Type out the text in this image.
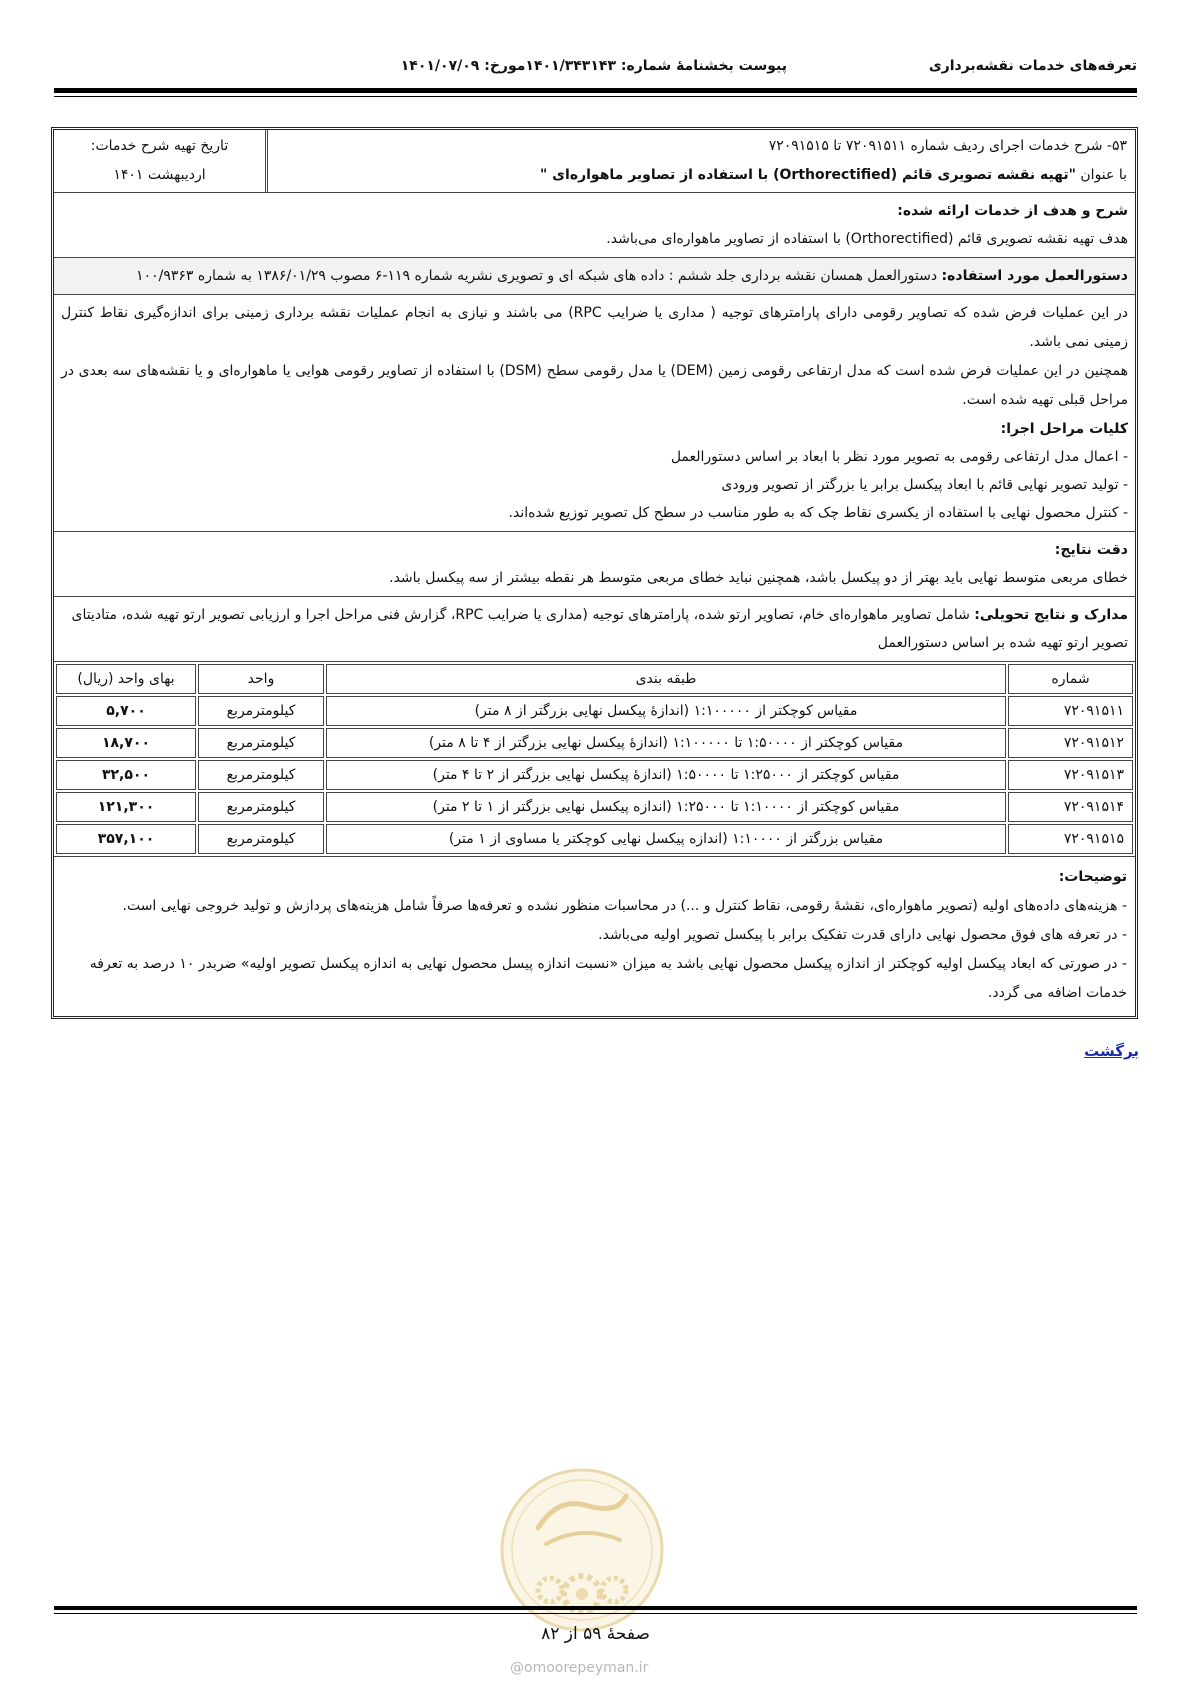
تعرفه‌های خدمات نقشه‌برداری
پیوست بخشنامهٔ شماره: ۱۴۰۱/۳۴۳۱۴۳مورخ: ۱۴۰۱/۰۷/۰۹
۵۳- شرح خدمات اجرای ردیف شماره ۷۲۰۹۱۵۱۱ تا ۷۲۰۹۱۵۱۵
با عنوان "تهیه نقشه تصویری قائم (Orthorectified) با استفاده از تصاویر ماهواره‌ای "
تاریخ تهیه شرح خدمات:
اردیبهشت ۱۴۰۱
شرح و هدف از خدمات ارائه شده:
هدف تهیه نقشه تصویری قائم (Orthorectified) با استفاده از تصاویر ماهواره‌ای می‌باشد.
دستورالعمل مورد استفاده: دستورالعمل همسان نقشه برداری جلد ششم : داده های شبکه ای و تصویری نشریه شماره ۱۱۹-۶ مصوب ۱۳۸۶/۰۱/۲۹ به شماره ۱۰۰/۹۳۶۳
در این عملیات فرض شده که تصاویر رقومی دارای پارامترهای توجیه ( مداری یا ضرایب RPC) می باشند و نیازی به انجام عملیات نقشه برداری زمینی برای اندازه‌گیری نقاط کنترل زمینی نمی باشد.
همچنین در این عملیات فرض شده است که مدل ارتفاعی رقومی زمین (DEM) یا مدل رقومی سطح (DSM) با استفاده از تصاویر رقومی هوایی یا ماهواره‌ای و یا نقشه‌های سه بعدی در مراحل قبلی تهیه شده است.
کلیات مراحل اجرا:
- اعمال مدل ارتفاعی رقومی به تصویر مورد نظر با ابعاد بر اساس دستورالعمل
- تولید تصویر نهایی قائم با ابعاد پیکسل برابر یا بزرگتر از تصویر ورودی
- کنترل محصول نهایی با استفاده از یکسری نقاط چک که به طور مناسب در سطح کل تصویر توزیع شده‌اند.
دقت نتایج:
خطای مربعی متوسط نهایی باید بهتر از دو پیکسل باشد، همچنین نباید خطای مربعی متوسط هر نقطه بیشتر از سه پیکسل باشد.
مدارک و نتایج تحویلی: شامل تصاویر ماهواره‌ای خام، تصاویر ارتو شده، پارامترهای توجیه (مداری یا ضرایب RPC، گزارش فنی مراحل اجرا و ارزیابی تصویر ارتو تهیه شده، متادیتای تصویر ارتو تهیه شده بر اساس دستورالعمل
شماره	طبقه بندی	واحد	بهای واحد (ریال)
۷۲۰۹۱۵۱۱	مقیاس کوچکتر از ۱:۱۰۰۰۰۰ (اندازهٔ پیکسل نهایی بزرگتر از ۸ متر)	کیلومترمربع	۵,۷۰۰
۷۲۰۹۱۵۱۲	مقیاس کوچکتر از ۱:۵۰۰۰۰ تا ۱:۱۰۰۰۰۰ (اندازهٔ پیکسل نهایی بزرگتر از ۴ تا ۸ متر)	کیلومترمربع	۱۸,۷۰۰
۷۲۰۹۱۵۱۳	مقیاس کوچکتر از ۱:۲۵۰۰۰ تا ۱:۵۰۰۰۰ (اندازهٔ پیکسل نهایی بزرگتر از ۲ تا ۴ متر)	کیلومترمربع	۳۲,۵۰۰
۷۲۰۹۱۵۱۴	مقیاس کوچکتر از ۱:۱۰۰۰۰ تا ۱:۲۵۰۰۰ (اندازه پیکسل نهایی بزرگتر از ۱ تا ۲ متر)	کیلومترمربع	۱۲۱,۳۰۰
۷۲۰۹۱۵۱۵	مقیاس بزرگتر از ۱:۱۰۰۰۰ (اندازه پیکسل نهایی کوچکتر یا مساوی از ۱ متر)	کیلومترمربع	۳۵۷,۱۰۰
توضیحات:
- هزینه‌های داده‌های اولیه (تصویر ماهواره‌ای، نقشهٔ رقومی، نقاط کنترل و ...) در محاسبات منظور نشده و تعرفه‌ها صرفاً شامل هزینه‌های پردازش و تولید خروجی نهایی است.
- در تعرفه های فوق محصول نهایی دارای قدرت تفکیک برابر با پیکسل تصویر اولیه می‌باشد.
- در صورتی که ابعاد پیکسل اولیه کوچکتر از اندازه پیکسل محصول نهایی باشد به میزان «نسبت اندازه پیسل محصول نهایی به اندازه پیکسل تصویر اولیه» ضربدر ۱۰ درصد به تعرفه خدمات اضافه می گردد.
برگشت
صفحهٔ ۵۹ از ۸۲
@omoorepeyman.ir
